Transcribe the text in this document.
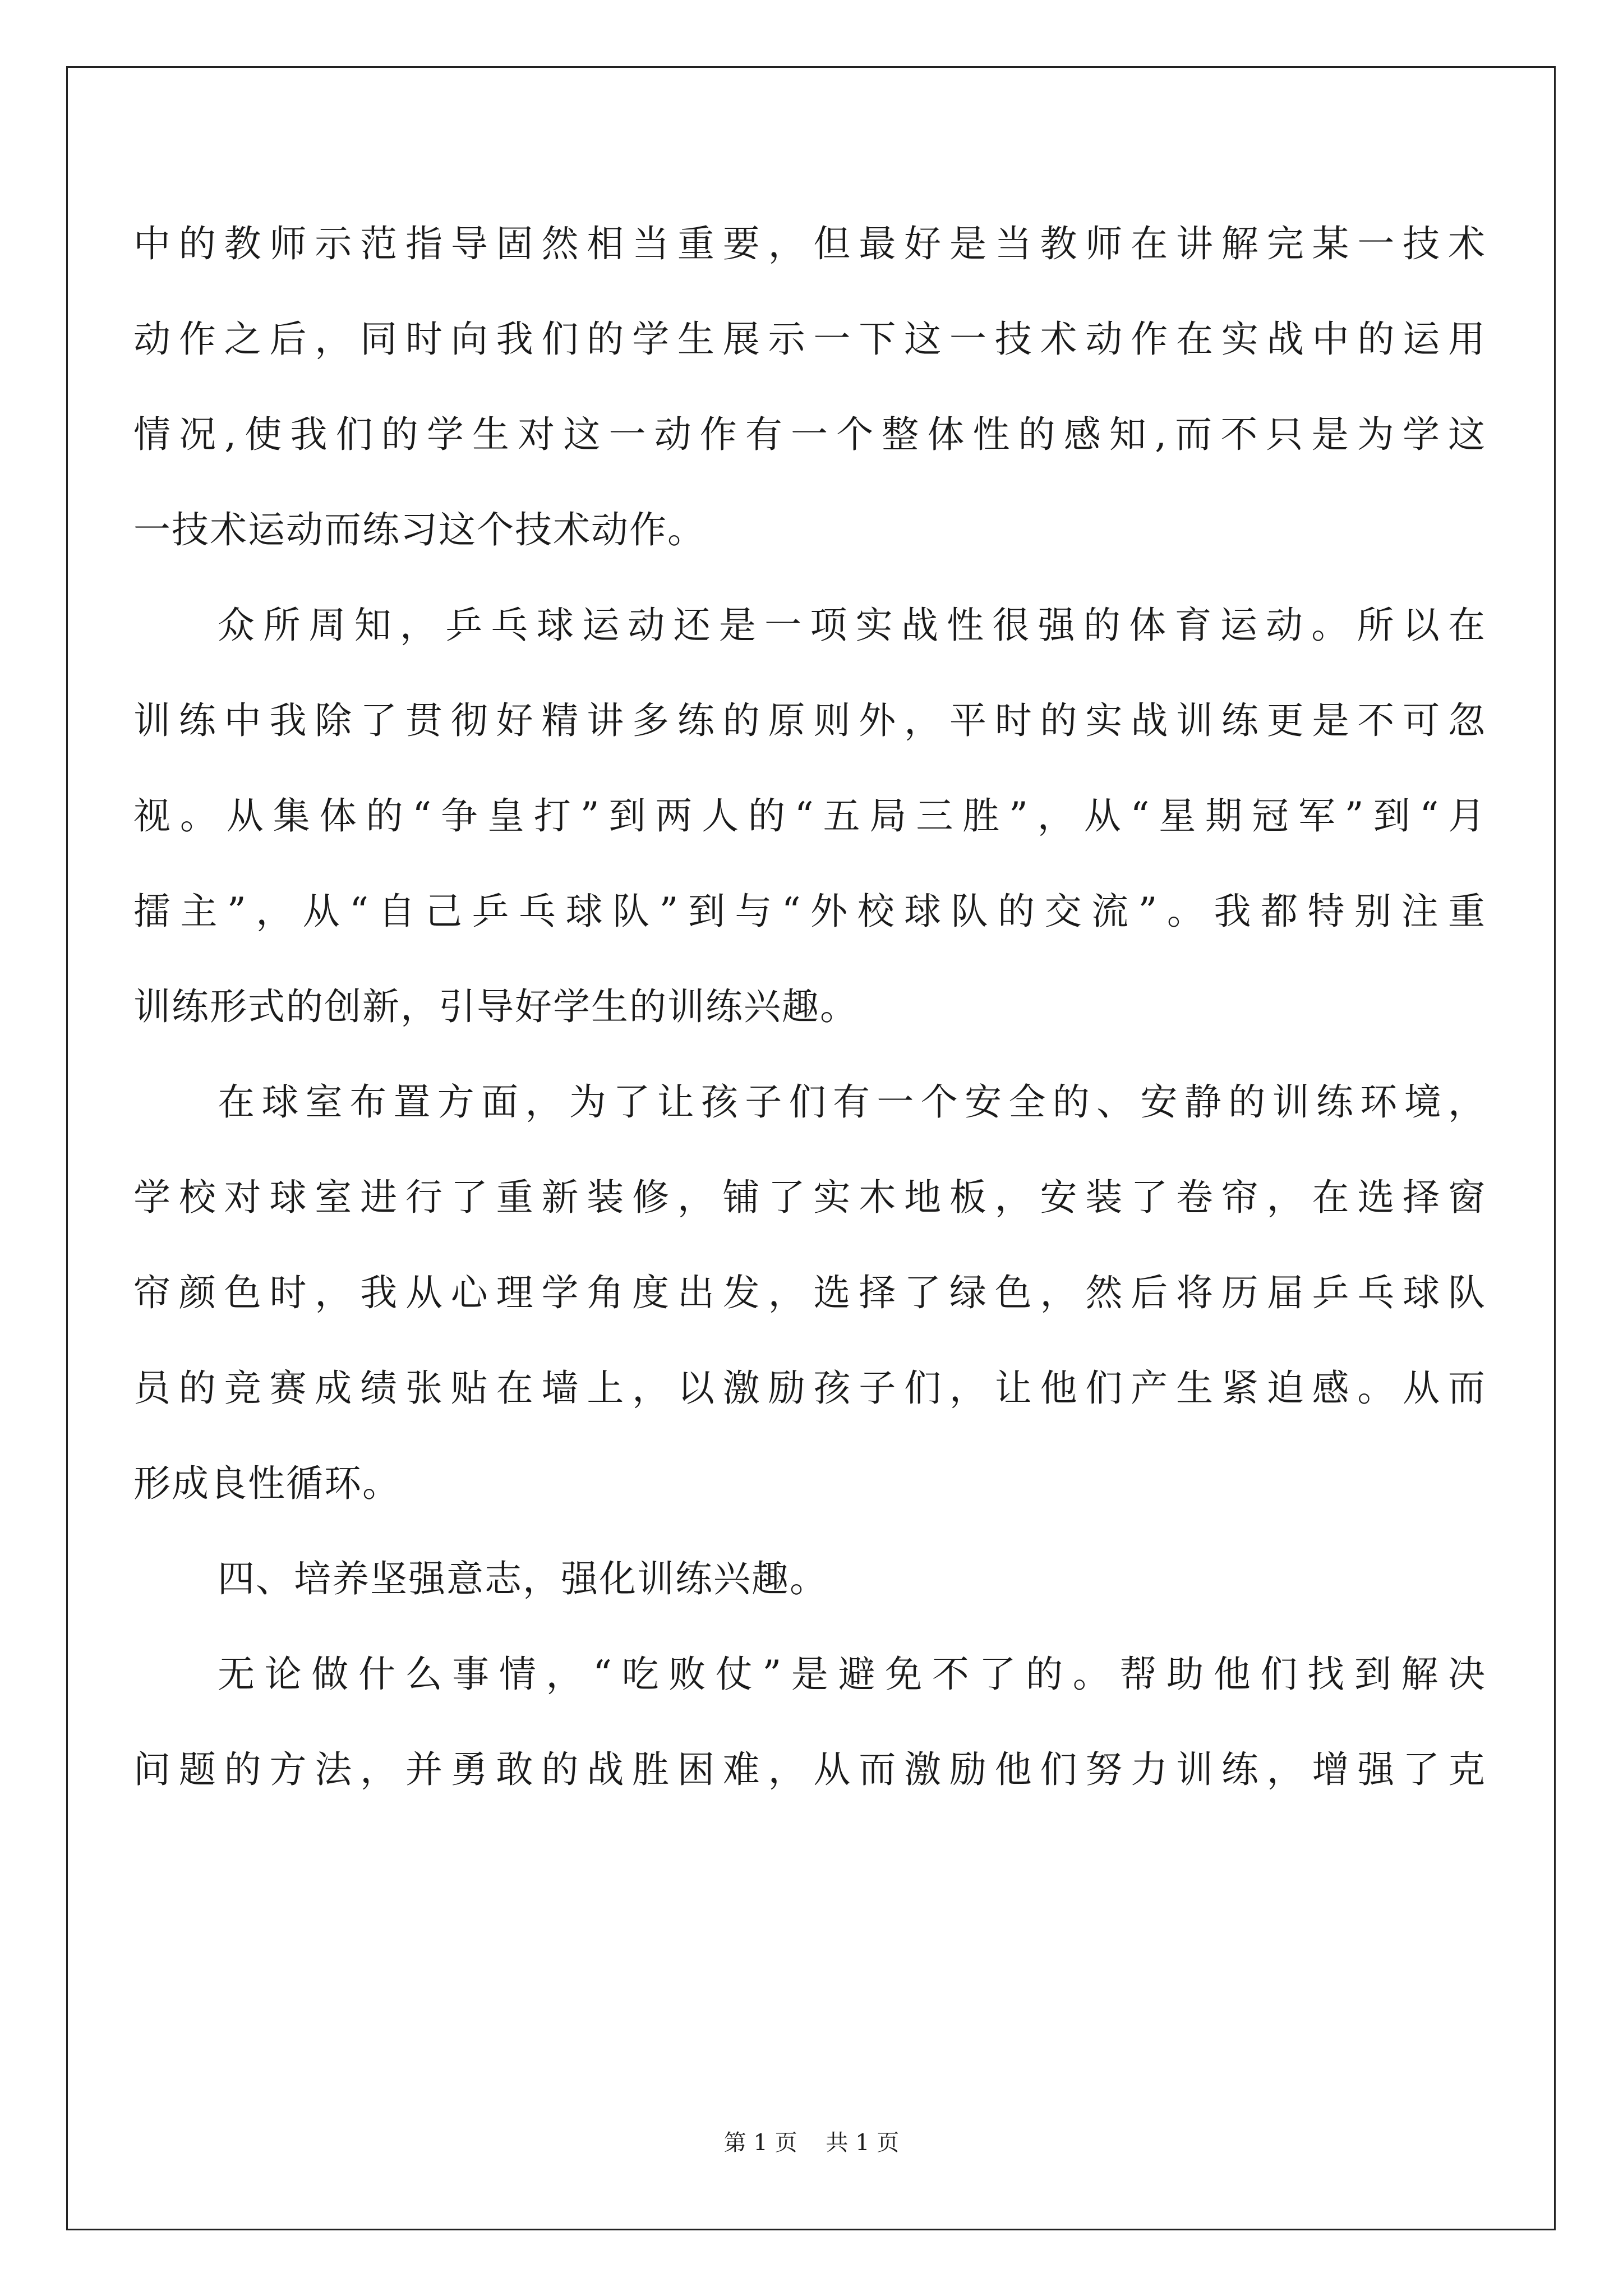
中的教师示范指导固然相当重要，但最好是当教师在讲解完某一技术
动作之后，同时向我们的学生展示一下这一技术动作在实战中的运用
情况,使我们的学生对这一动作有一个整体性的感知,而不只是为学这
一技术运动而练习这个技术动作。
众所周知，乒乓球运动还是一项实战性很强的体育运动。所以在
训练中我除了贯彻好精讲多练的原则外，平时的实战训练更是不可忽
视。从集体的“争皇打”到两人的“五局三胜”，从“星期冠军”到“月
擂主”，从“自己乒乓球队”到与“外校球队的交流”。我都特别注重
训练形式的创新，引导好学生的训练兴趣。
在球室布置方面，为了让孩子们有一个安全的、安静的训练环境，
学校对球室进行了重新装修，铺了实木地板，安装了卷帘，在选择窗
帘颜色时，我从心理学角度出发，选择了绿色，然后将历届乒乓球队
员的竞赛成绩张贴在墙上，以激励孩子们，让他们产生紧迫感。从而
形成良性循环。
四、培养坚强意志，强化训练兴趣。
无论做什么事情，“吃败仗”是避免不了的。帮助他们找到解决
问题的方法，并勇敢的战胜困难，从而激励他们努力训练，增强了克
第 1 页    共 1 页
